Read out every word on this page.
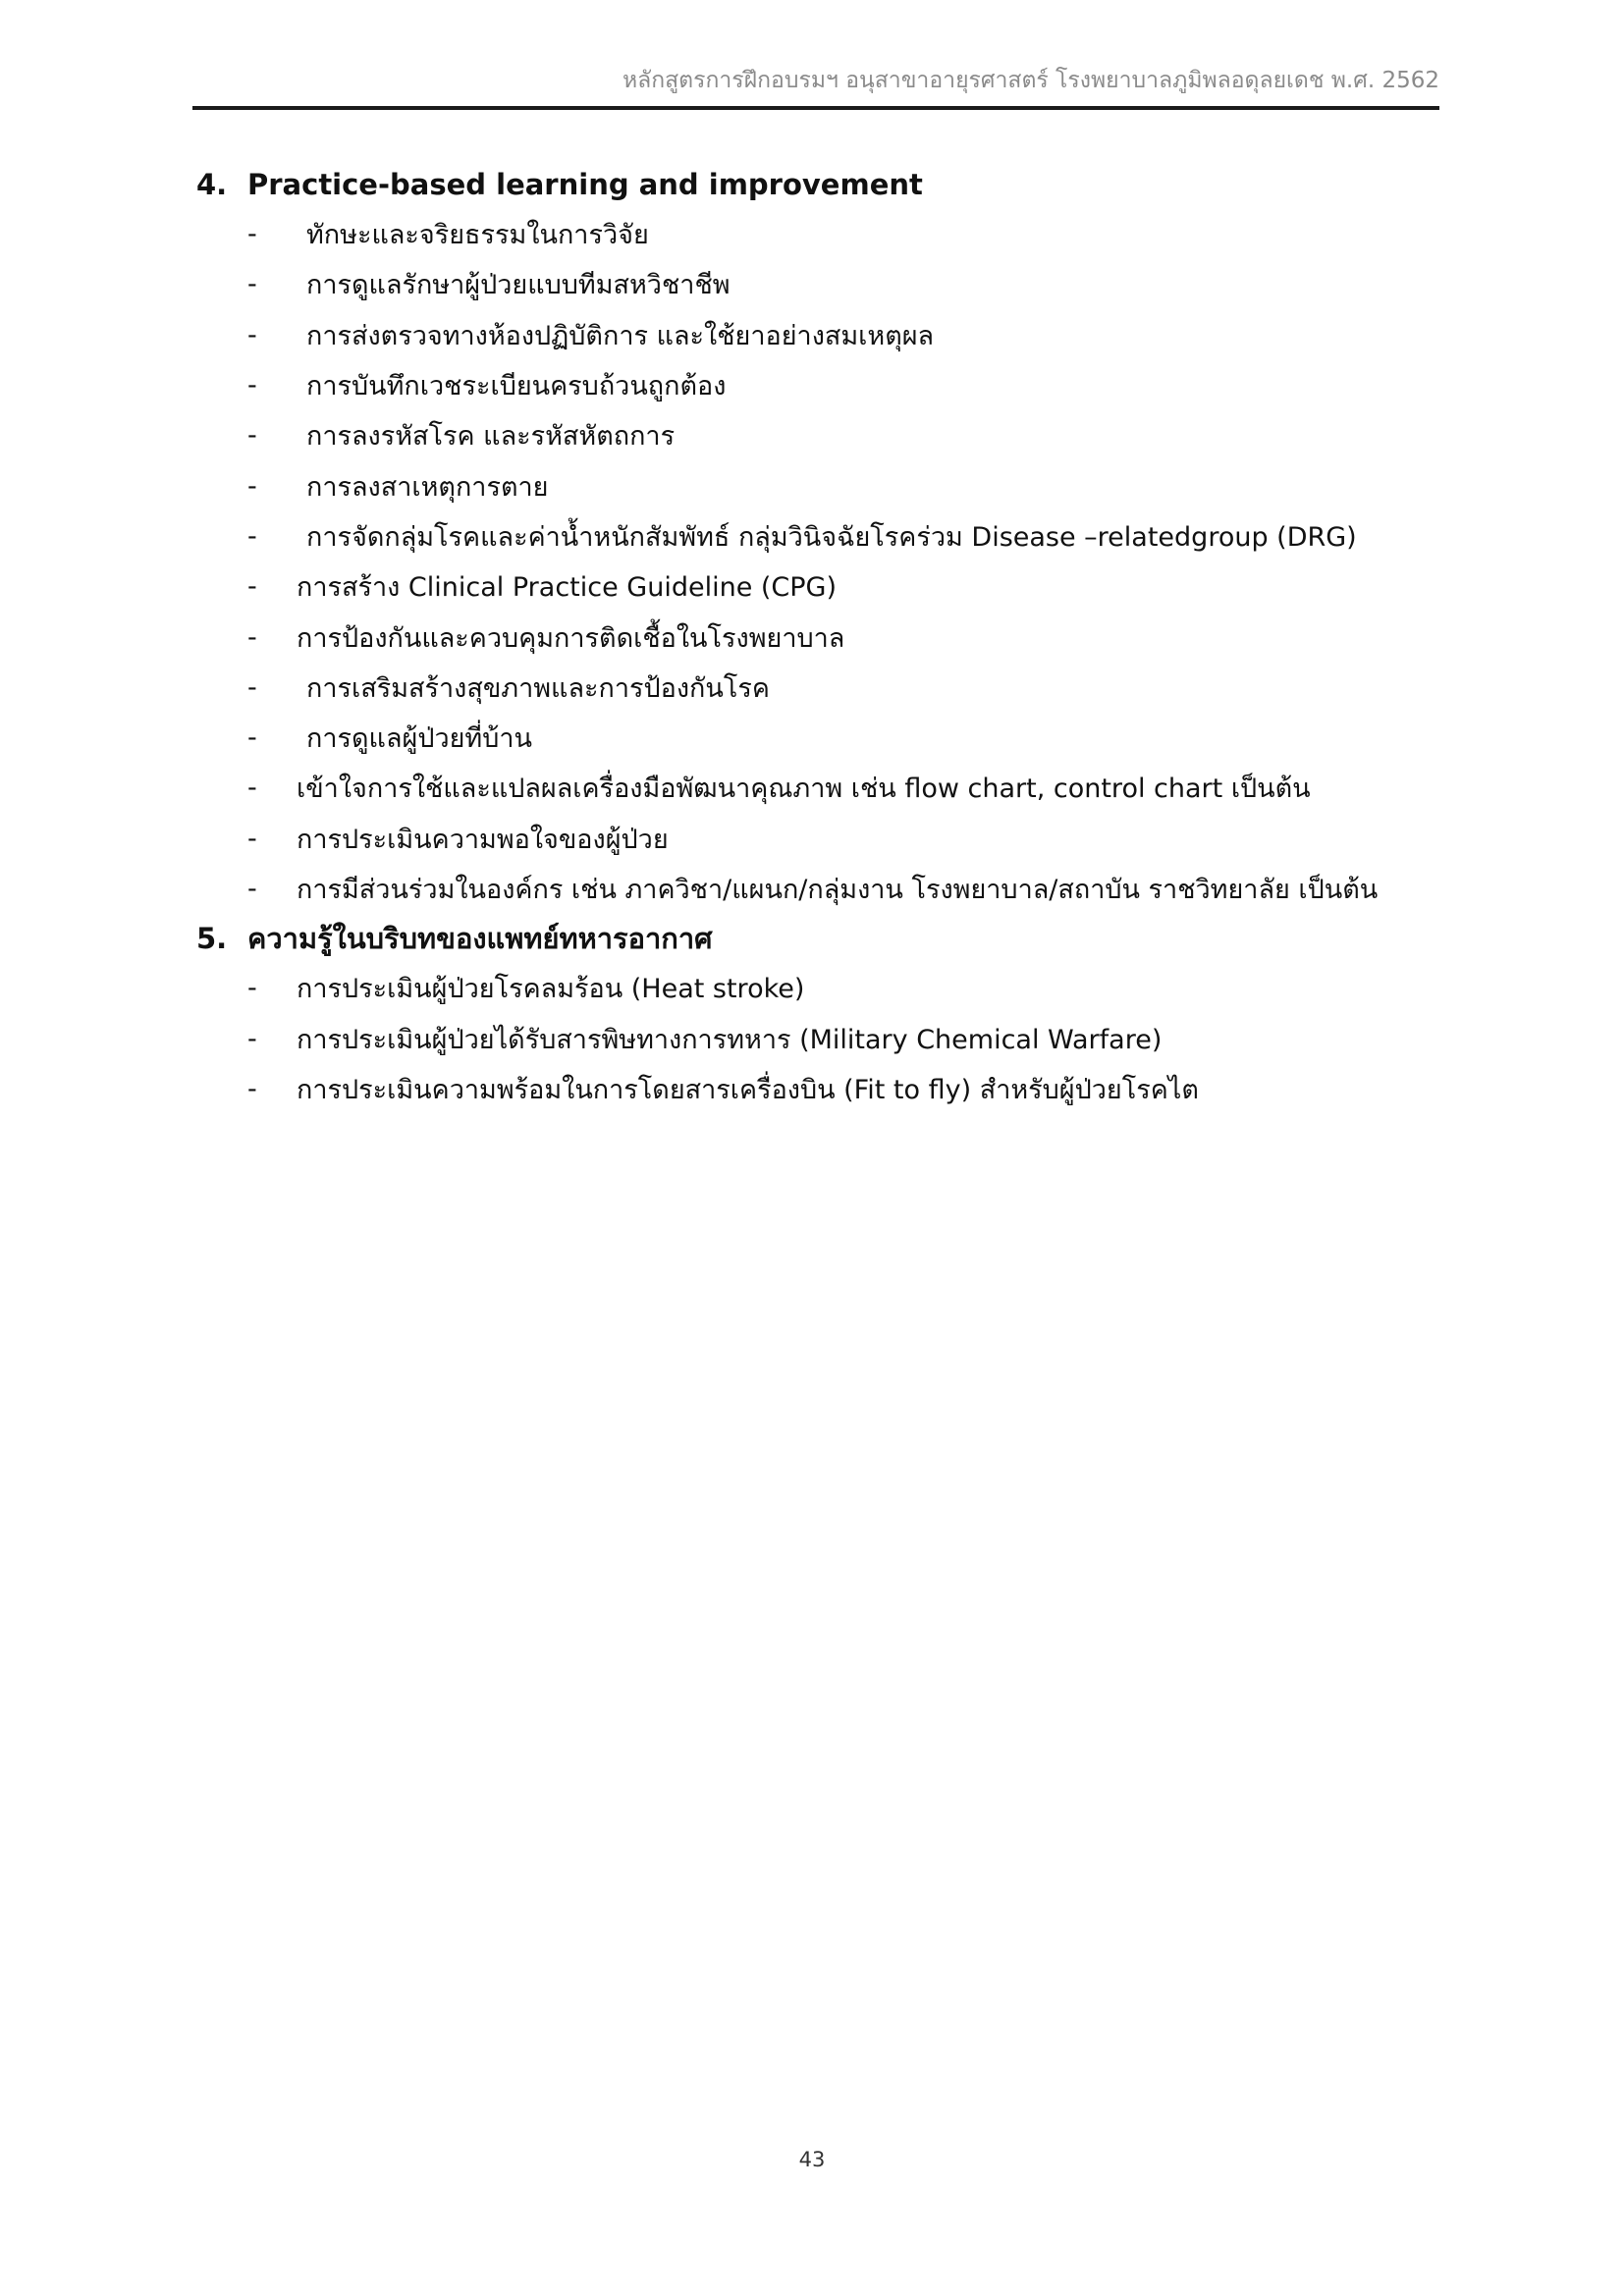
หลักสูตรการฝึกอบรมฯ อนุสาขาอายุรศาสตร์ โรงพยาบาลภูมิพลอดุลยเดช พ.ศ. 2562
4. Practice-based learning and improvement
-	ทักษะและจริยธรรมในการวิจัย
-	การดูแลรักษาผู้ป่วยแบบทีมสหวิชาชีพ
-	การส่งตรวจทางห้องปฏิบัติการ และใช้ยาอย่างสมเหตุผล
-	การบันทึกเวชระเบียนครบถ้วนถูกต้อง
-	การลงรหัสโรค และรหัสหัตถการ
-	การลงสาเหตุการตาย
-	การจัดกลุ่มโรคและค่าน้ำหนักสัมพัทธ์ กลุ่มวินิจฉัยโรคร่วม Disease –relatedgroup (DRG)
-	การสร้าง Clinical Practice Guideline (CPG)
-	การป้องกันและควบคุมการติดเชื้อในโรงพยาบาล
-	การเสริมสร้างสุขภาพและการป้องกันโรค
-	การดูแลผู้ป่วยที่บ้าน
-	เข้าใจการใช้และแปลผลเครื่องมือพัฒนาคุณภาพ เช่น flow chart, control chart เป็นต้น
-	การประเมินความพอใจของผู้ป่วย
-	การมีส่วนร่วมในองค์กร เช่น ภาควิชา/แผนก/กลุ่มงาน โรงพยาบาล/สถาบัน ราชวิทยาลัย เป็นต้น
5. ความรู้ในบริบทของแพทย์ทหารอากาศ
-	การประเมินผู้ป่วยโรคลมร้อน (Heat stroke)
-	การประเมินผู้ป่วยได้รับสารพิษทางการทหาร (Military Chemical Warfare)
-	การประเมินความพร้อมในการโดยสารเครื่องบิน (Fit to fly) สำหรับผู้ป่วยโรคไต
43
